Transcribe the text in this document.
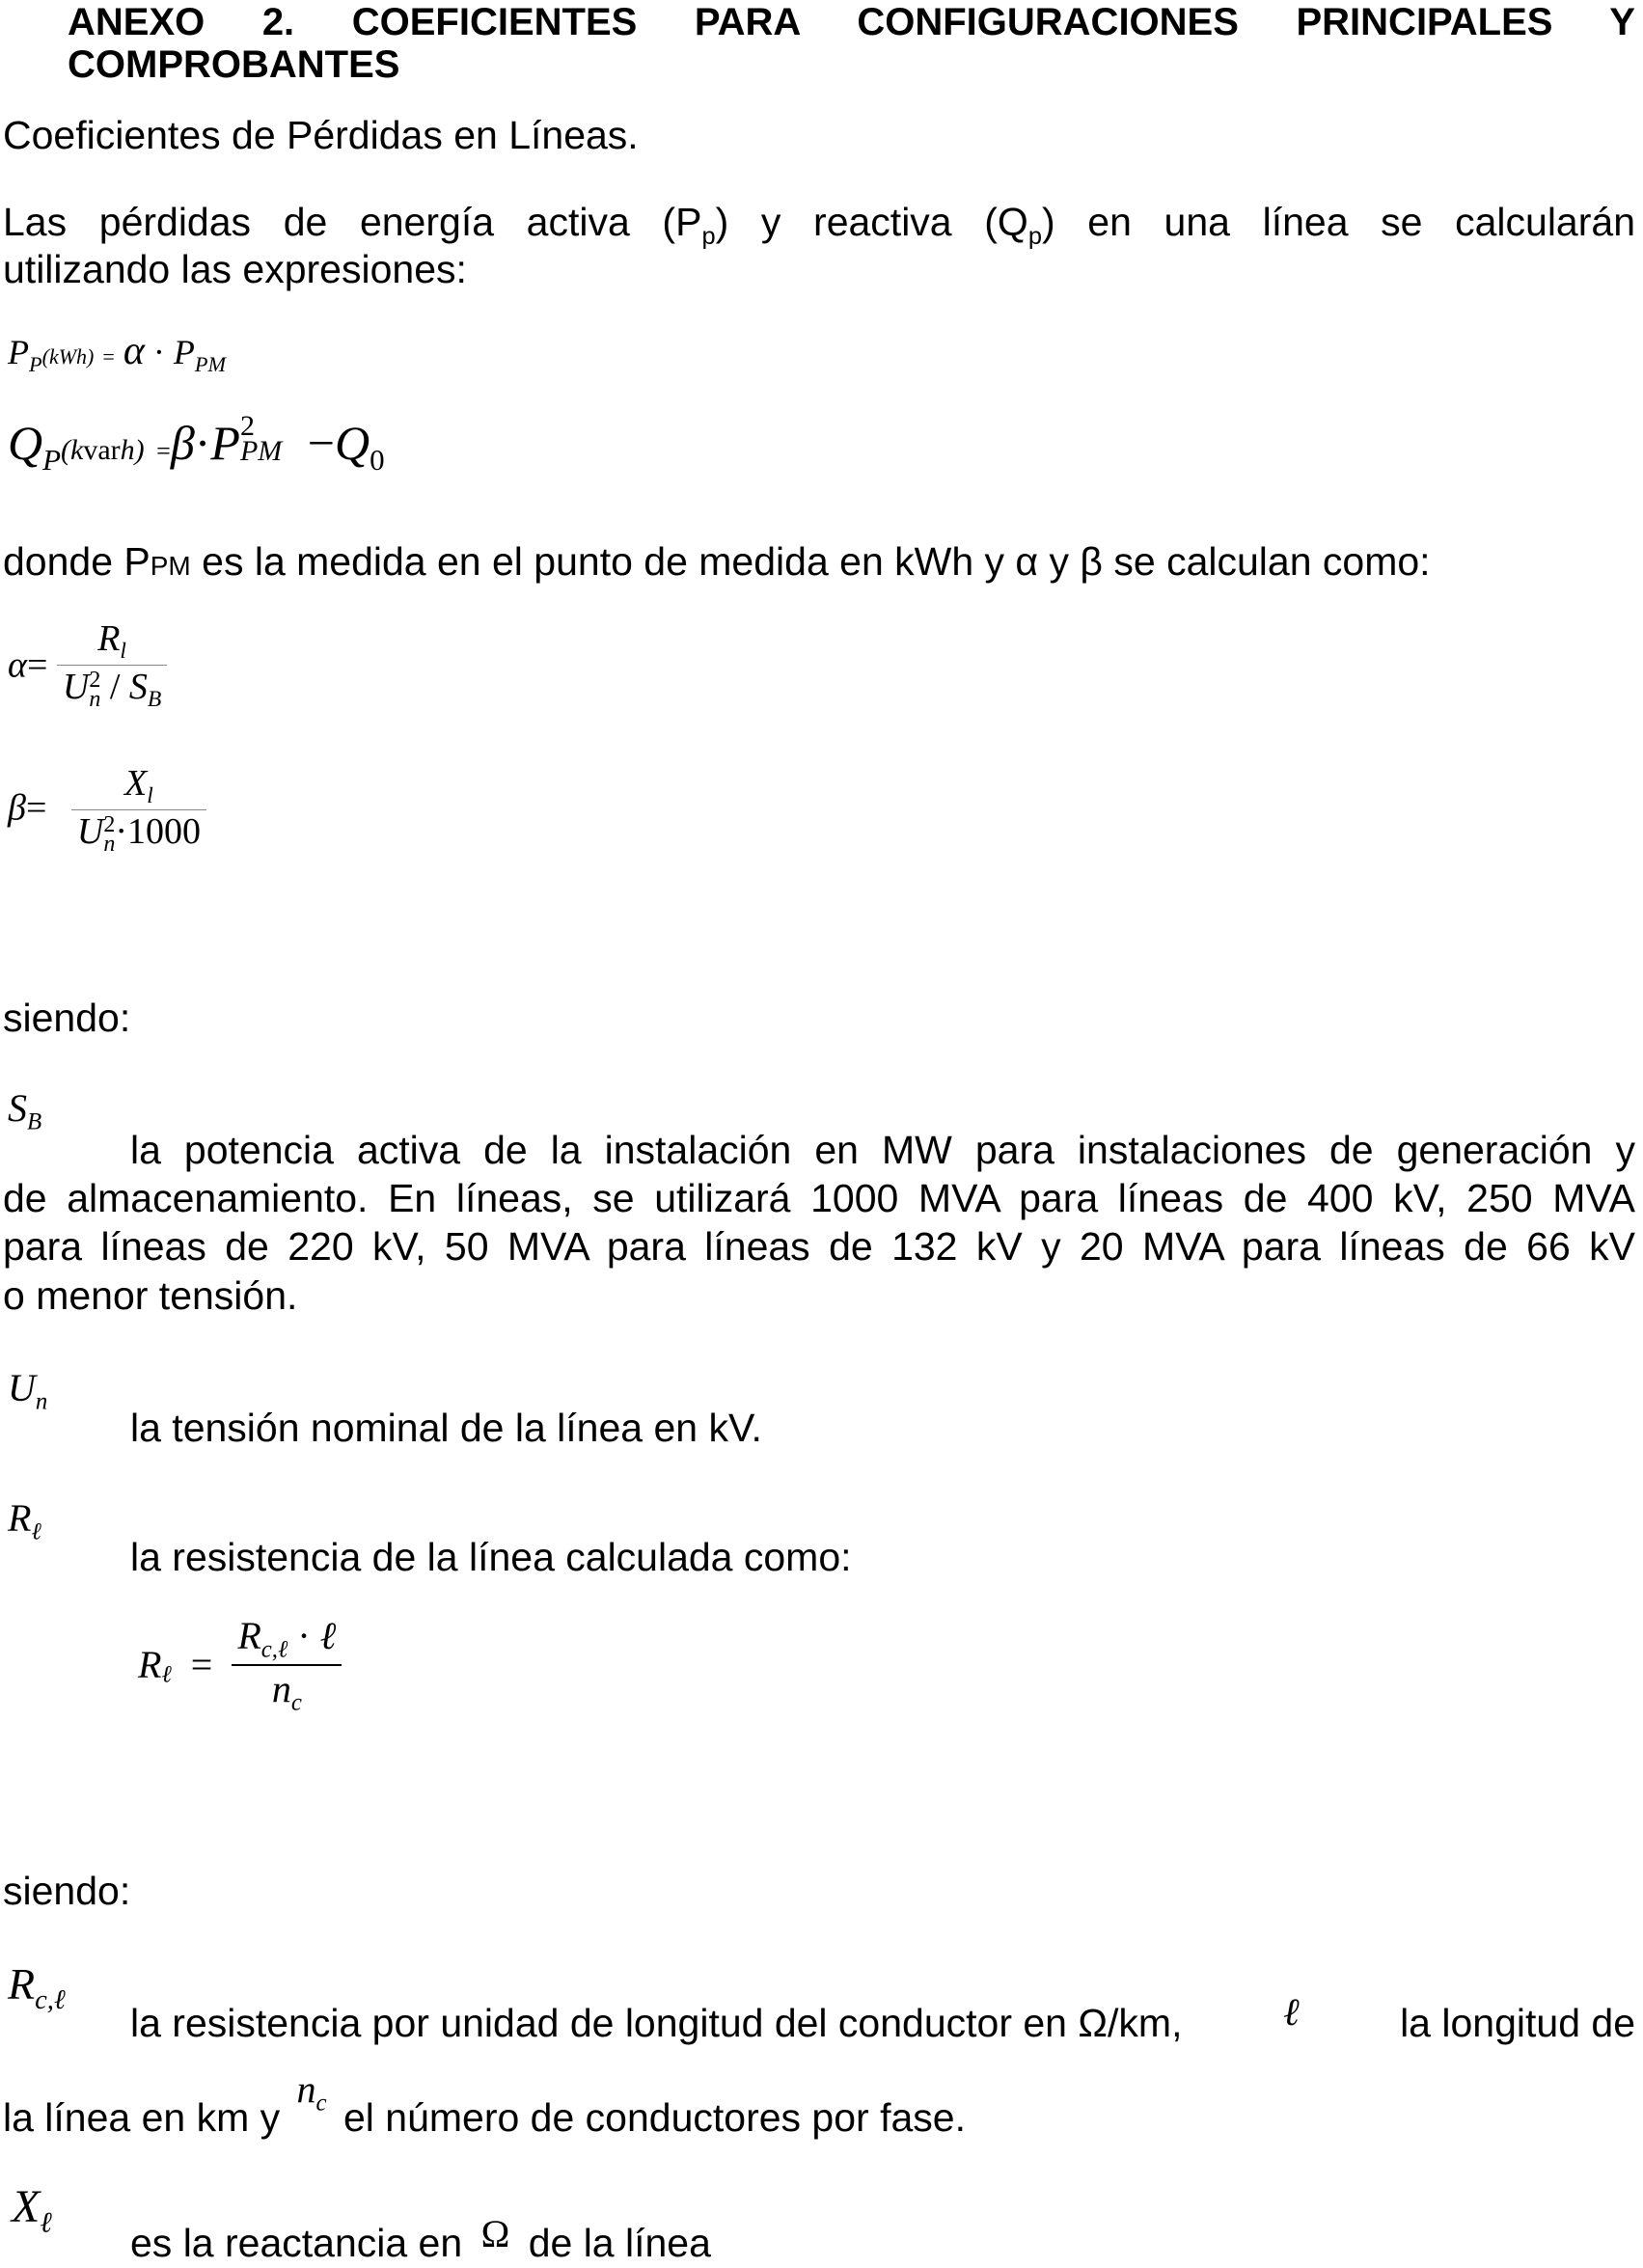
ANEXO 2. COEFICIENTES PARA CONFIGURACIONES PRINCIPALES Y
COMPROBANTES
Coeficientes de Pérdidas en Líneas.
Las pérdidas de energía activa $(P_p)$ y reactiva $(Q_p)$ en una línea se calcularán
utilizando las expresiones:
$P_P(kWh) = \alpha \cdot P_{PM}$
$Q_P(kvarh) =\beta\cdot P$ 2
PM $-Q_0$
donde PPM es la medida en el punto de medida en kWh y α y β se calculan como:
$\alpha= R_l$
U 2
n / $S_B$
$\beta= X_l$
U 2
n ·1000
siendo:
$S_B$
la potencia activa de la instalación en MW para instalaciones de generación y
de almacenamiento. En líneas, se utilizará 1000 MVA para líneas de 400 kV, 250 MVA
para líneas de 220 kV, 50 MVA para líneas de 132 kV y 20 MVA para líneas de 66 kV
o menor tensión.
$U_n$
la tensión nominal de la línea en kV.
$R_\ell$
la resistencia de la línea calculada como:
$R_\ell = \frac{R_{c,\ell} \cdot \ell}{n_c}$
siendo:
$R_{c,\ell}$
la resistencia por unidad de longitud del conductor en Ω/km,	ℓ	la longitud de
la línea en km y $n_c$ el número de conductores por fase.
$X_\ell$ es la reactancia en Ω de la línea
